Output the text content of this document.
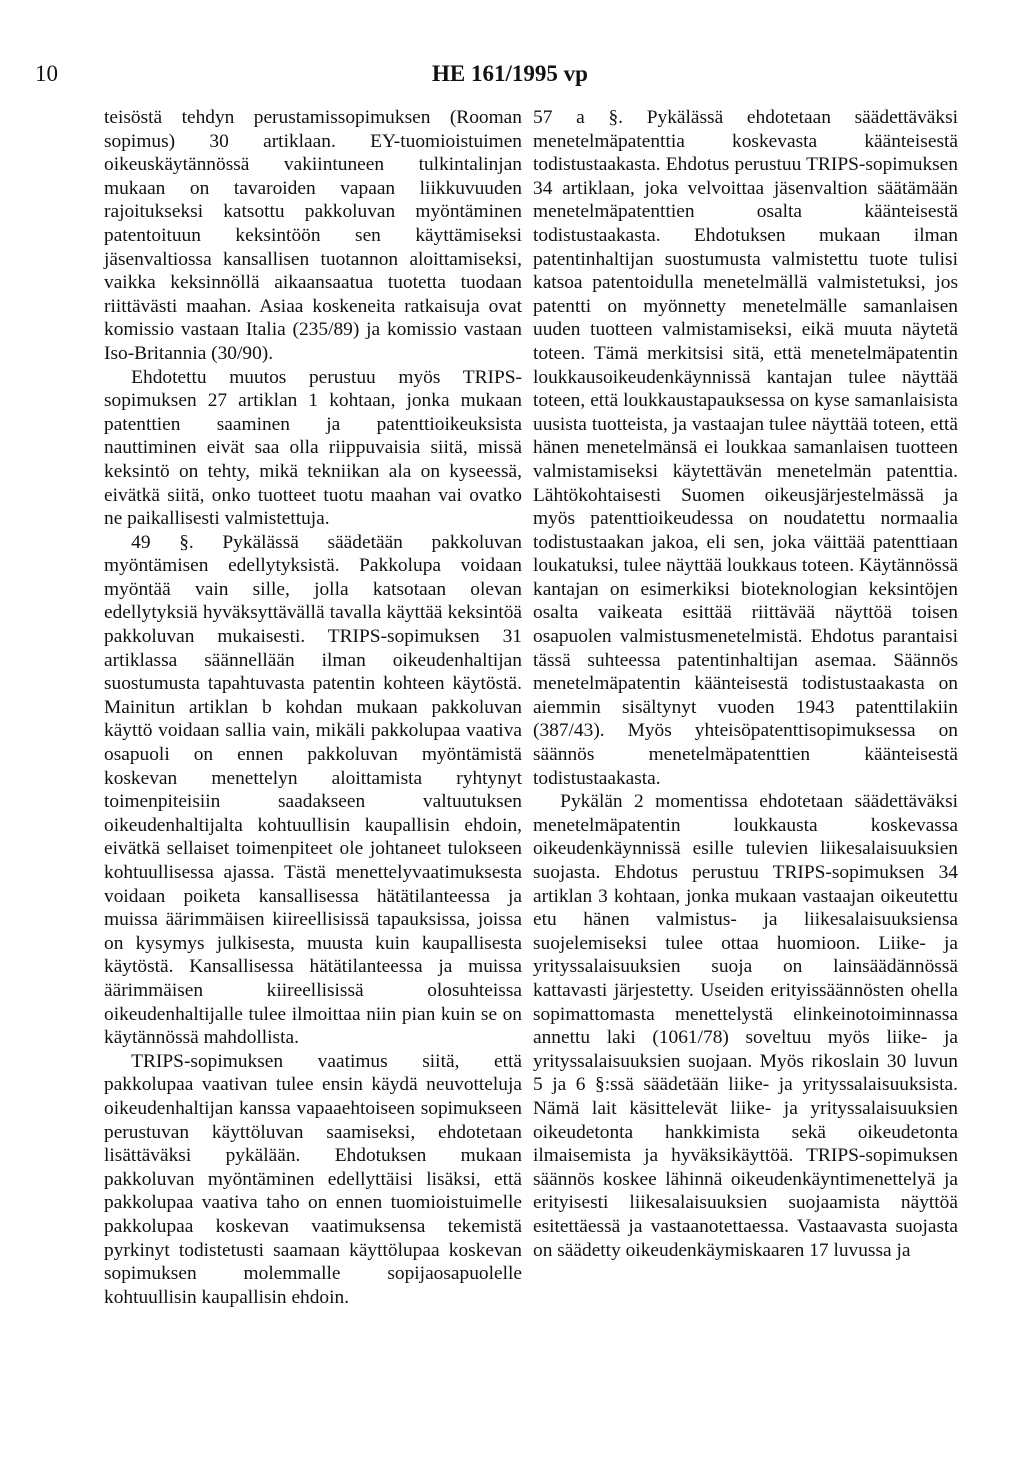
10	HE 161/1995 vp

teisöstä tehdyn perustamissopimuksen (Rooman sopimus) 30 artiklaan. EY-tuomioistuimen oikeuskäytännössä vakiintuneen tulkintalinjan mukaan on tavaroiden vapaan liikkuvuuden rajoitukseksi katsottu pakkoluvan myöntäminen patentoituun keksintöön sen käyttämiseksi jäsenvaltiossa kansallisen tuotannon aloittamiseksi, vaikka keksinnöllä aikaansaatua tuotetta tuodaan riittävästi maahan. Asiaa koskeneita ratkaisuja ovat komissio vastaan Italia (235/89) ja komissio vastaan Iso-Britannia (30/90).

Ehdotettu muutos perustuu myös TRIPS-sopimuksen 27 artiklan 1 kohtaan, jonka mukaan patenttien saaminen ja patenttioikeuksista nauttiminen eivät saa olla riippuvaisia siitä, missä keksintö on tehty, mikä tekniikan ala on kyseessä, eivätkä siitä, onko tuotteet tuotu maahan vai ovatko ne paikallisesti valmistettuja.

49 §. Pykälässä säädetään pakkoluvan myöntämisen edellytyksistä. Pakkolupa voidaan myöntää vain sille, jolla katsotaan olevan edellytyksiä hyväksyttävällä tavalla käyttää keksintöä pakkoluvan mukaisesti. TRIPS-sopimuksen 31 artiklassa säännellään ilman oikeudenhaltijan suostumusta tapahtuvasta patentin kohteen käytöstä. Mainitun artiklan b kohdan mukaan pakkoluvan käyttö voidaan sallia vain, mikäli pakkolupaa vaativa osapuoli on ennen pakkoluvan myöntämistä koskevan menettelyn aloittamista ryhtynyt toimenpiteisiin saadakseen valtuutuksen oikeudenhaltijalta kohtuullisin kaupallisin ehdoin, eivätkä sellaiset toimenpiteet ole johtaneet tulokseen kohtuullisessa ajassa. Tästä menettelyvaatimuksesta voidaan poiketa kansallisessa hätätilanteessa ja muissa äärimmäisen kiireellisissä tapauksissa, joissa on kysymys julkisesta, muusta kuin kaupallisesta käytöstä. Kansallisessa hätätilanteessa ja muissa äärimmäisen kiireellisissä olosuhteissa oikeudenhaltijalle tulee ilmoittaa niin pian kuin se on käytännössä mahdollista.

TRIPS-sopimuksen vaatimus siitä, että pakkolupaa vaativan tulee ensin käydä neuvotteluja oikeudenhaltijan kanssa vapaaehtoiseen sopimukseen perustuvan käyttöluvan saamiseksi, ehdotetaan lisättäväksi pykälään. Ehdotuksen mukaan pakkoluvan myöntäminen edellyttäisi lisäksi, että pakkolupaa vaativa taho on ennen tuomioistuimelle pakkolupaa koskevan vaatimuksensa tekemistä pyrkinyt todistetusti saamaan käyttölupaa koskevan sopimuksen molemmalle sopijaosapuolelle kohtuullisin kaupallisin ehdoin.

57 a §. Pykälässä ehdotetaan säädettäväksi menetelmäpatenttia koskevasta käänteisestä todistustaakasta. Ehdotus perustuu TRIPS-sopimuksen 34 artiklaan, joka velvoittaa jäsenvaltion säätämään menetelmäpatenttien osalta käänteisestä todistustaakasta. Ehdotuksen mukaan ilman patentinhaltijan suostumusta valmistettu tuote tulisi katsoa patentoidulla menetelmällä valmistetuksi, jos patentti on myönnetty menetelmälle samanlaisen uuden tuotteen valmistamiseksi, eikä muuta näytetä toteen. Tämä merkitsisi sitä, että menetelmäpatentin loukkausoikeudenkäynnissä kantajan tulee näyttää toteen, että loukkaustapauksessa on kyse samanlaisista uusista tuotteista, ja vastaajan tulee näyttää toteen, että hänen menetelmänsä ei loukkaa samanlaisen tuotteen valmistamiseksi käytettävän menetelmän patenttia. Lähtökohtaisesti Suomen oikeusjärjestelmässä ja myös patenttioikeudessa on noudatettu normaalia todistustaakan jakoa, eli sen, joka väittää patenttiaan loukatuksi, tulee näyttää loukkaus toteen. Käytännössä kantajan on esimerkiksi bioteknologian keksintöjen osalta vaikeata esittää riittävää näyttöä toisen osapuolen valmistusmenetelmistä. Ehdotus parantaisi tässä suhteessa patentinhaltijan asemaa. Säännös menetelmäpatentin käänteisestä todistustaakasta on aiemmin sisältynyt vuoden 1943 patenttilakiin (387/43). Myös yhteisöpatenttisopimuksessa on säännös menetelmäpatenttien käänteisestä todistustaakasta.

Pykälän 2 momentissa ehdotetaan säädettäväksi menetelmäpatentin loukkausta koskevassa oikeudenkäynnissä esille tulevien liikesalaisuuksien suojasta. Ehdotus perustuu TRIPS-sopimuksen 34 artiklan 3 kohtaan, jonka mukaan vastaajan oikeutettu etu hänen valmistus- ja liikesalaisuuksiensa suojelemiseksi tulee ottaa huomioon. Liike- ja yrityssalaisuuksien suoja on lainsäädännössä kattavasti järjestetty. Useiden erityissäännösten ohella sopimattomasta menettelystä elinkeinotoiminnassa annettu laki (1061/78) soveltuu myös liike- ja yrityssalaisuuksien suojaan. Myös rikoslain 30 luvun 5 ja 6 §:ssä säädetään liike- ja yrityssalaisuuksista. Nämä lait käsittelevät liike- ja yrityssalaisuuksien oikeudetonta hankkimista sekä oikeudetonta ilmaisemista ja hyväksikäyttöä. TRIPS-sopimuksen säännös koskee lähinnä oikeudenkäyntimenettelyä ja erityisesti liikesalaisuuksien suojaamista näyttöä esitettäessä ja vastaanotettaessa. Vastaavasta suojasta on säädetty oikeudenkäymiskaaren 17 luvussa ja
